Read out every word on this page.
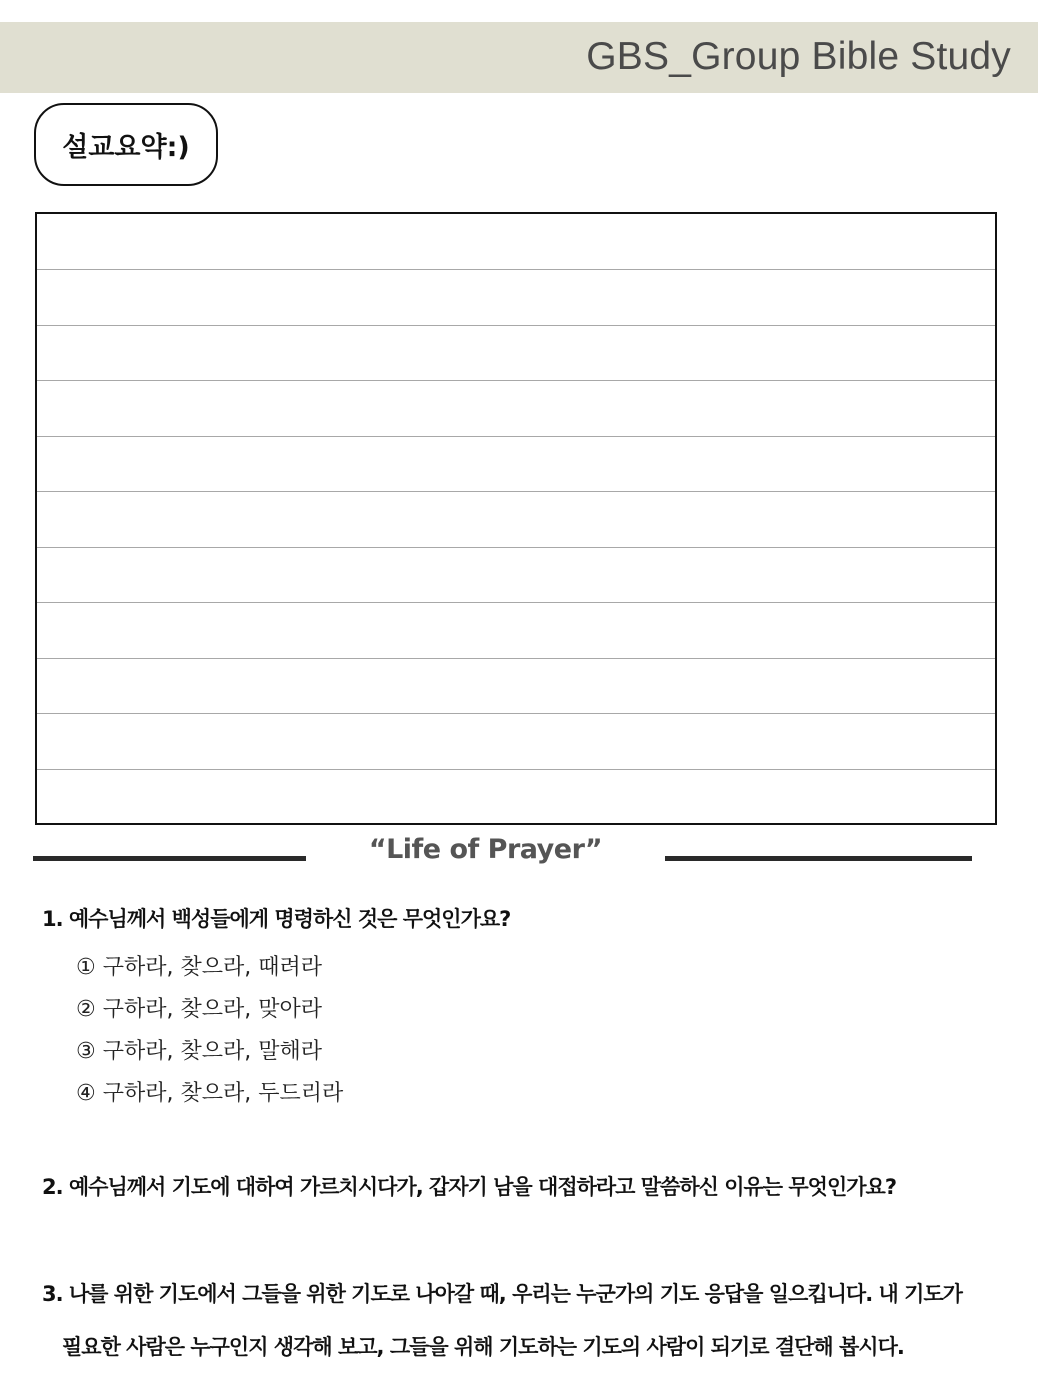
GBS_Group Bible Study
설교요약:)
“Life of Prayer”
1. 예수님께서 백성들에게 명령하신 것은 무엇인가요?
① 구하라, 찾으라, 때려라
② 구하라, 찾으라, 맞아라
③ 구하라, 찾으라, 말해라
④ 구하라, 찾으라, 두드리라
2. 예수님께서 기도에 대하여 가르치시다가, 갑자기 남을 대접하라고 말씀하신 이유는 무엇인가요?
3. 나를 위한 기도에서 그들을 위한 기도로 나아갈 때, 우리는 누군가의 기도 응답을 일으킵니다. 내 기도가
필요한 사람은 누구인지 생각해 보고, 그들을 위해 기도하는 기도의 사람이 되기로 결단해 봅시다.
